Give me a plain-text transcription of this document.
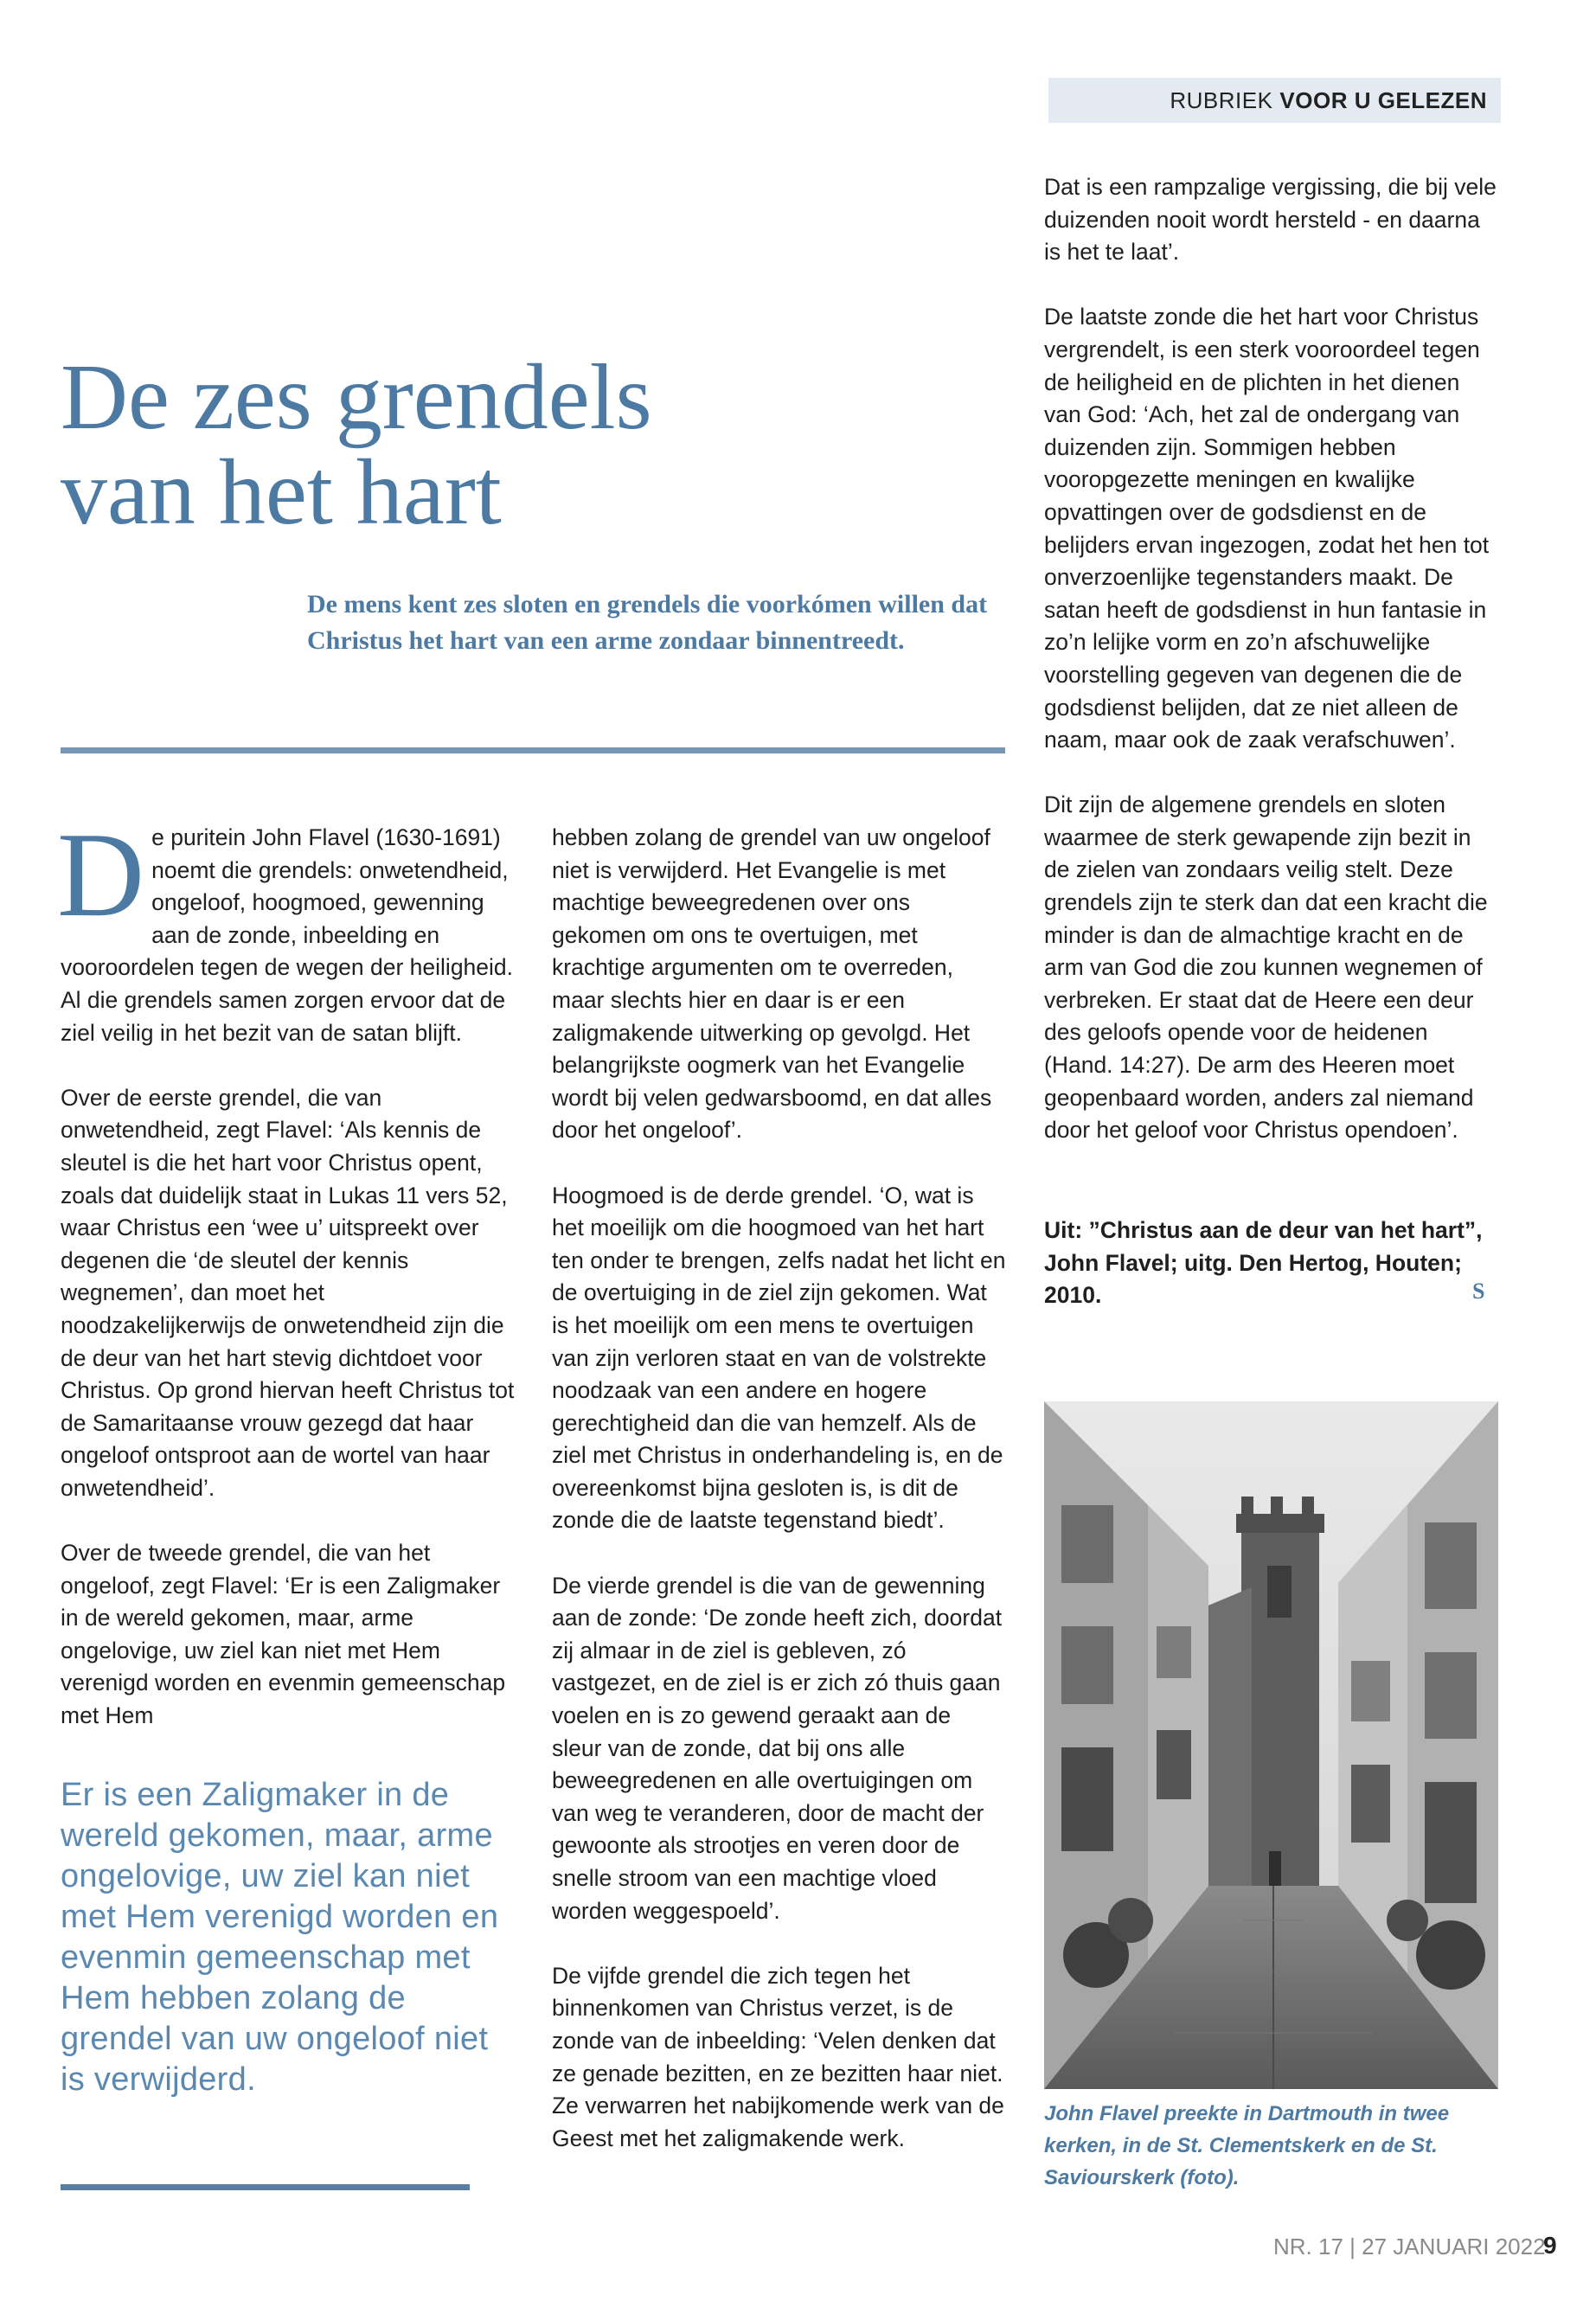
RUBRIEK VOOR U GELEZEN
De zes grendels
van het hart

De mens kent zes sloten en grendels die voorkómen willen dat Christus het hart van een arme zondaar binnentreedt.

De puritein John Flavel (1630-1691) noemt die grendels: onwetendheid, ongeloof, hoogmoed, gewenning aan de zonde, inbeelding en vooroordelen tegen de wegen der heiligheid. Al die grendels samen zorgen ervoor dat de ziel veilig in het bezit van de satan blijft.

Over de eerste grendel, die van onwetendheid, zegt Flavel: ‘Als kennis de sleutel is die het hart voor Christus opent, zoals dat duidelijk staat in Lukas 11 vers 52, waar Christus een ‘wee u’ uitspreekt over degenen die ‘de sleutel der kennis wegnemen’, dan moet het noodzakelijkerwijs de onwetendheid zijn die de deur van het hart stevig dichtdoet voor Christus. Op grond hiervan heeft Christus tot de Samaritaanse vrouw gezegd dat haar ongeloof ontsproot aan de wortel van haar onwetendheid’.

Over de tweede grendel, die van het ongeloof, zegt Flavel: ‘Er is een Zaligmaker in de wereld gekomen, maar, arme ongelovige, uw ziel kan niet met Hem verenigd worden en evenmin gemeenschap met Hem

Er is een Zaligmaker in de wereld gekomen, maar, arme ongelovige, uw ziel kan niet met Hem verenigd worden en evenmin gemeenschap met Hem hebben zolang de grendel van uw ongeloof niet is verwijderd.

hebben zolang de grendel van uw ongeloof niet is verwijderd. Het Evangelie is met machtige beweegredenen over ons gekomen om ons te overtuigen, met krachtige argumenten om te overreden, maar slechts hier en daar is er een zaligmakende uitwerking op gevolgd. Het belangrijkste oogmerk van het Evangelie wordt bij velen gedwarsboomd, en dat alles door het ongeloof’.

Hoogmoed is de derde grendel. ‘O, wat is het moeilijk om die hoogmoed van het hart ten onder te brengen, zelfs nadat het licht en de overtuiging in de ziel zijn gekomen. Wat is het moeilijk om een mens te overtuigen van zijn verloren staat en van de volstrekte noodzaak van een andere en hogere gerechtigheid dan die van hemzelf. Als de ziel met Christus in onderhandeling is, en de overeenkomst bijna gesloten is, is dit de zonde die de laatste tegenstand biedt’.

De vierde grendel is die van de gewenning aan de zonde: ‘De zonde heeft zich, doordat zij almaar in de ziel is gebleven, zó vastgezet, en de ziel is er zich zó thuis gaan voelen en is zo gewend geraakt aan de sleur van de zonde, dat bij ons alle beweegredenen en alle overtuigingen om van weg te veranderen, door de macht der gewoonte als strootjes en veren door de snelle stroom van een machtige vloed worden weggespoeld’.

De vijfde grendel die zich tegen het binnenkomen van Christus verzet, is de zonde van de inbeelding: ‘Velen denken dat ze genade bezitten, en ze bezitten haar niet. Ze verwarren het nabijkomende werk van de Geest met het zaligmakende werk.

Dat is een rampzalige vergissing, die bij vele duizenden nooit wordt hersteld - en daarna is het te laat’.

De laatste zonde die het hart voor Christus vergrendelt, is een sterk vooroordeel tegen de heiligheid en de plichten in het dienen van God: ‘Ach, het zal de ondergang van duizenden zijn. Sommigen hebben vooropgezette meningen en kwalijke opvattingen over de godsdienst en de belijders ervan ingezogen, zodat het hen tot onverzoenlijke tegenstanders maakt. De satan heeft de godsdienst in hun fantasie in zo’n lelijke vorm en zo’n afschuwelijke voorstelling gegeven van degenen die de godsdienst belijden, dat ze niet alleen de naam, maar ook de zaak verafschuwen’.

Dit zijn de algemene grendels en sloten waarmee de sterk gewapende zijn bezit in de zielen van zondaars veilig stelt. Deze grendels zijn te sterk dan dat een kracht die minder is dan de almachtige kracht en de arm van God die zou kunnen wegnemen of verbreken. Er staat dat de Heere een deur des geloofs opende voor de heidenen (Hand. 14:27). De arm des Heeren moet geopenbaard worden, anders zal niemand door het geloof voor Christus opendoen’.

Uit: ”Christus aan de deur van het hart”, John Flavel; uitg. Den Hertog, Houten; 2010.	S

John Flavel preekte in Dartmouth in twee kerken, in de St. Clementskerk en de St. Saviourskerk (foto).

NR. 17 | 27 JANUARI 2022
9
